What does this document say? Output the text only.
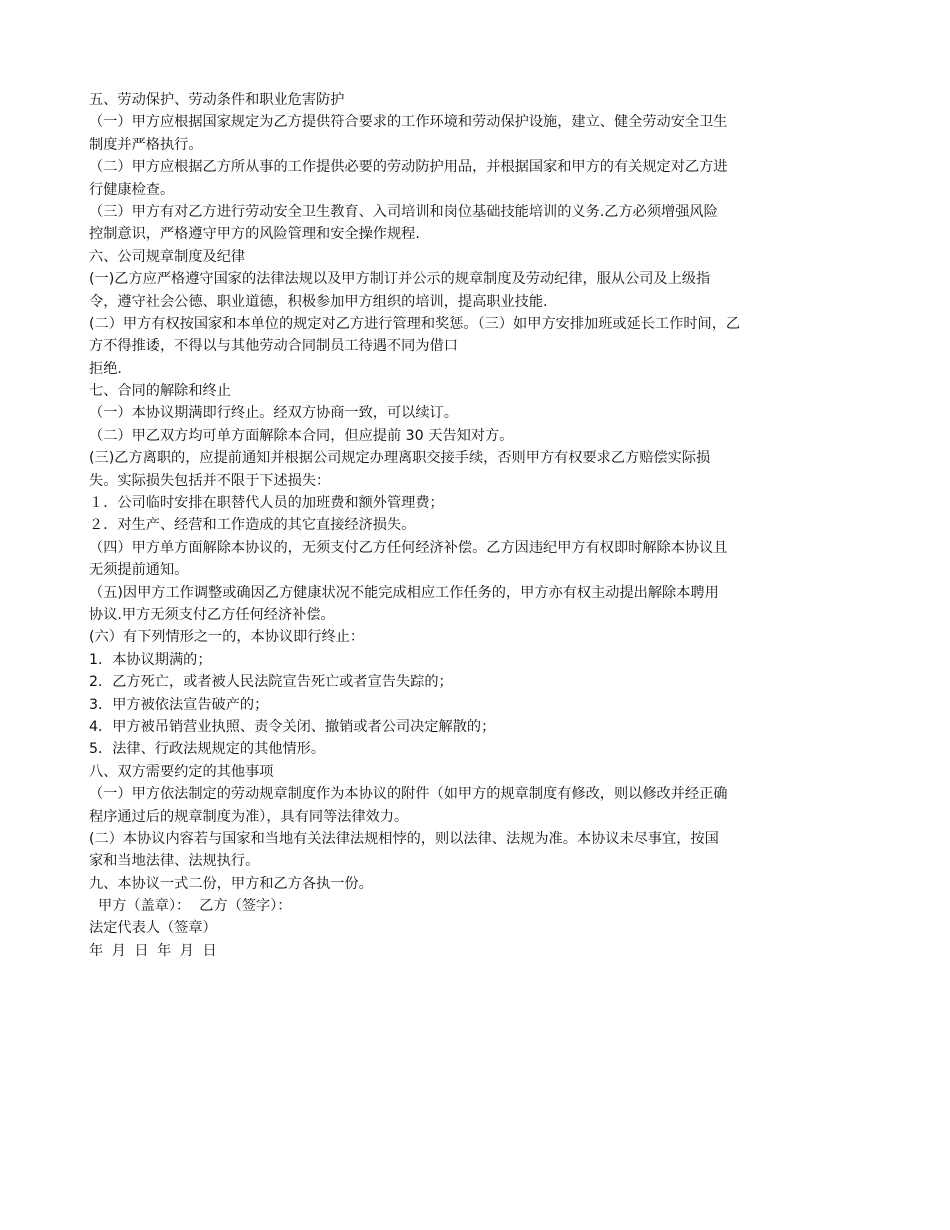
五、劳动保护、劳动条件和职业危害防护
（一）甲方应根据国家规定为乙方提供符合要求的工作环境和劳动保护设施，建立、健全劳动安全卫生
制度并严格执行。
（二）甲方应根据乙方所从事的工作提供必要的劳动防护用品，并根据国家和甲方的有关规定对乙方进
行健康检查。
（三）甲方有对乙方进行劳动安全卫生教育、入司培训和岗位基础技能培训的义务.乙方必须增强风险
控制意识，严格遵守甲方的风险管理和安全操作规程.
六、公司规章制度及纪律
(一)乙方应严格遵守国家的法律法规以及甲方制订并公示的规章制度及劳动纪律，服从公司及上级指
令，遵守社会公德、职业道德，积极参加甲方组织的培训，提高职业技能.
(二）甲方有权按国家和本单位的规定对乙方进行管理和奖惩。（三）如甲方安排加班或延长工作时间，乙
方不得推诿，不得以与其他劳动合同制员工待遇不同为借口
拒绝.
七、合同的解除和终止
（一）本协议期满即行终止。经双方协商一致，可以续订。
（二）甲乙双方均可单方面解除本合同，但应提前 30 天告知对方。
(三)乙方离职的，应提前通知并根据公司规定办理离职交接手续，否则甲方有权要求乙方赔偿实际损
失。实际损失包括并不限于下述损失：
１．公司临时安排在职替代人员的加班费和额外管理费；
２．对生产、经营和工作造成的其它直接经济损失。
（四）甲方单方面解除本协议的，无须支付乙方任何经济补偿。乙方因违纪甲方有权即时解除本协议且
无须提前通知。
（五)因甲方工作调整或确因乙方健康状况不能完成相应工作任务的，甲方亦有权主动提出解除本聘用
协议.甲方无须支付乙方任何经济补偿。
(六）有下列情形之一的，本协议即行终止：
1．本协议期满的；
2．乙方死亡，或者被人民法院宣告死亡或者宣告失踪的；
3．甲方被依法宣告破产的；
4．甲方被吊销营业执照、责令关闭、撤销或者公司决定解散的；
5．法律、行政法规规定的其他情形。
八、双方需要约定的其他事项
（一）甲方依法制定的劳动规章制度作为本协议的附件（如甲方的规章制度有修改，则以修改并经正确
程序通过后的规章制度为准），具有同等法律效力。
(二）本协议内容若与国家和当地有关法律法规相悖的，则以法律、法规为准。本协议未尽事宜，按国
家和当地法律、法规执行。
九、本协议一式二份，甲方和乙方各执一份。
甲方（盖章）：  乙方（签字）：
法定代表人（签章）
年 月 日 年 月 日
